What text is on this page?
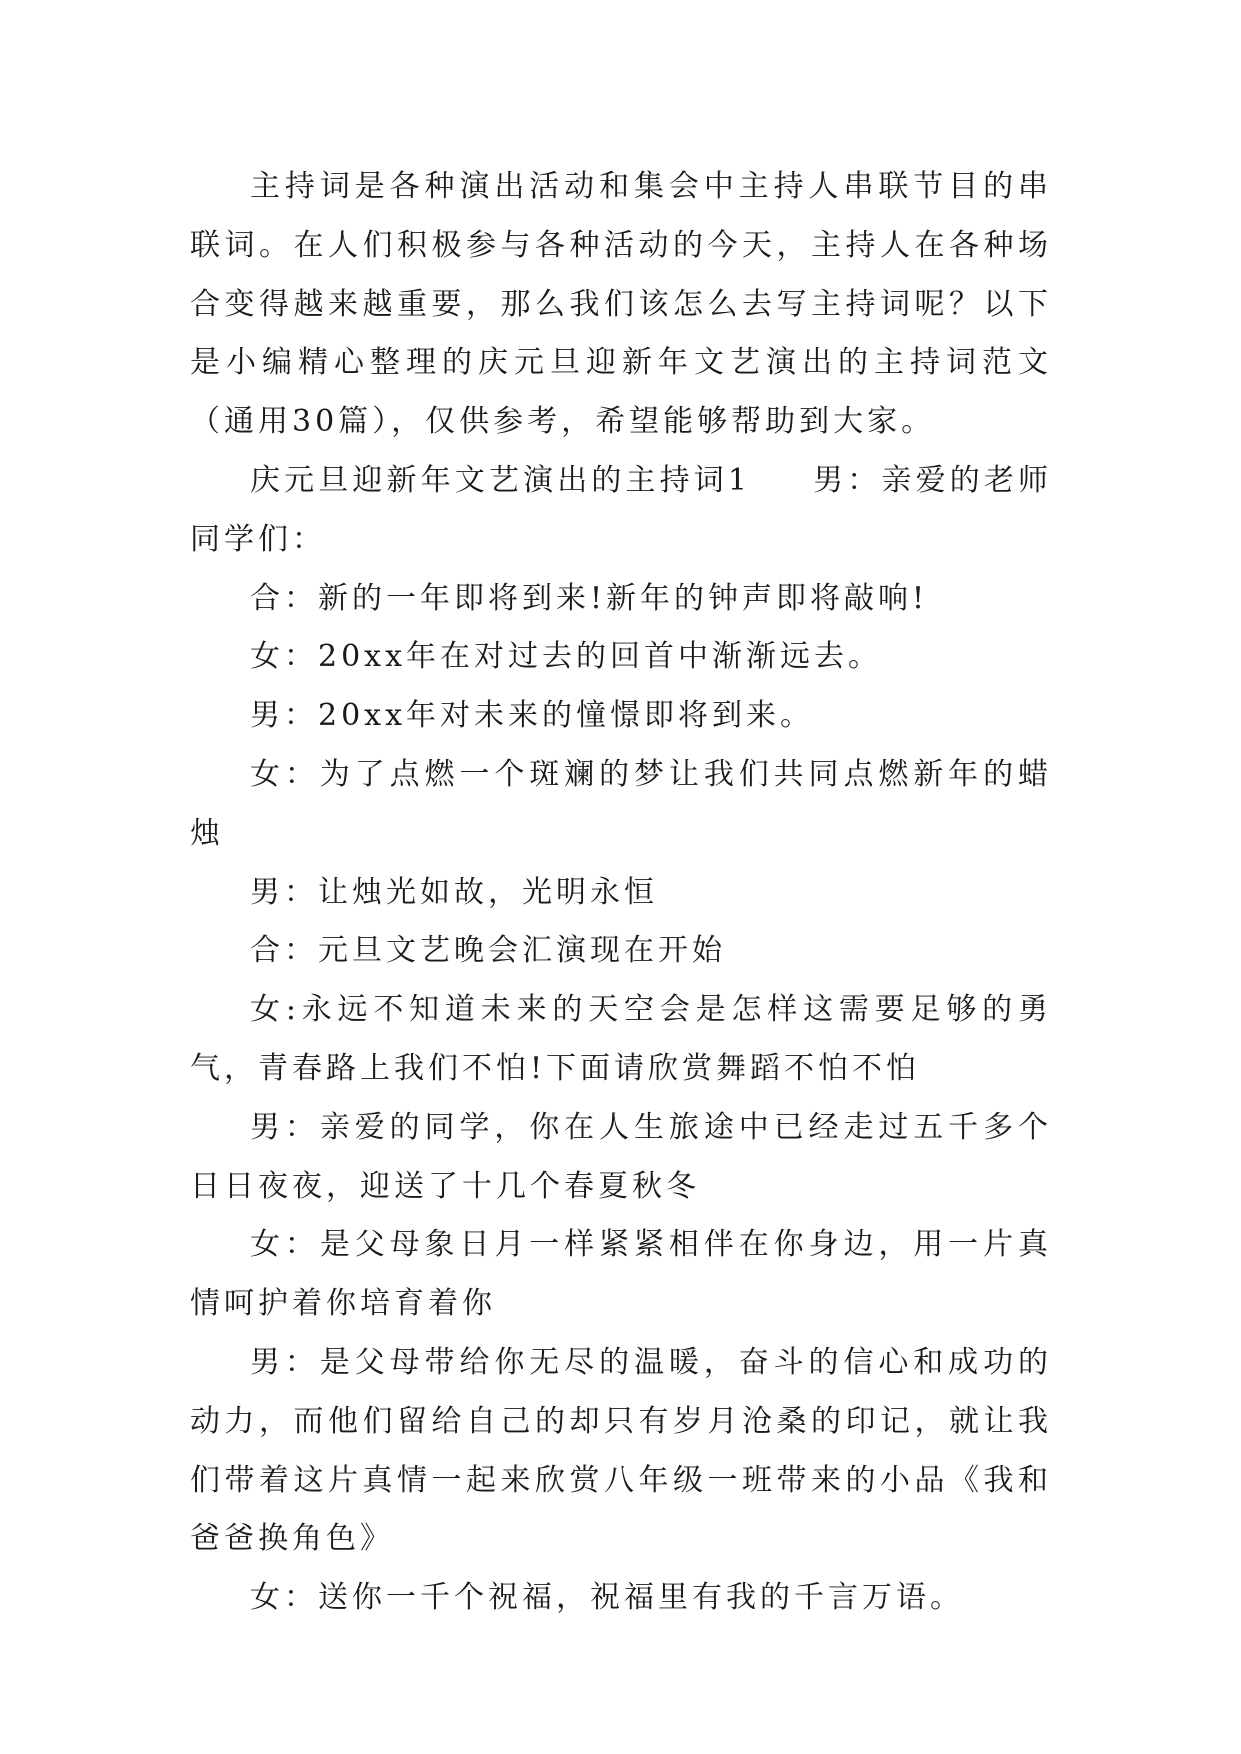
主持词是各种演出活动和集会中主持人串联节目的串联词。在人们积极参与各种活动的今天，主持人在各种场合变得越来越重要，那么我们该怎么去写主持词呢？以下是小编精心整理的庆元旦迎新年文艺演出的主持词范文（通用30篇），仅供参考，希望能够帮助到大家。

庆元旦迎新年文艺演出的主持词1 男：亲爱的老师同学们：

合：新的一年即将到来!新年的钟声即将敲响!

女：20xx年在对过去的回首中渐渐远去。

男：20xx年对未来的憧憬即将到来。

女：为了点燃一个斑斓的梦让我们共同点燃新年的蜡烛

男：让烛光如故，光明永恒

合：元旦文艺晚会汇演现在开始

女:永远不知道未来的天空会是怎样这需要足够的勇气，青春路上我们不怕!下面请欣赏舞蹈不怕不怕

男：亲爱的同学，你在人生旅途中已经走过五千多个日日夜夜，迎送了十几个春夏秋冬

女：是父母象日月一样紧紧相伴在你身边，用一片真情呵护着你培育着你

男：是父母带给你无尽的温暖，奋斗的信心和成功的动力，而他们留给自己的却只有岁月沧桑的印记，就让我们带着这片真情一起来欣赏八年级一班带来的小品《我和爸爸换角色》

女：送你一千个祝福，祝福里有我的千言万语。
